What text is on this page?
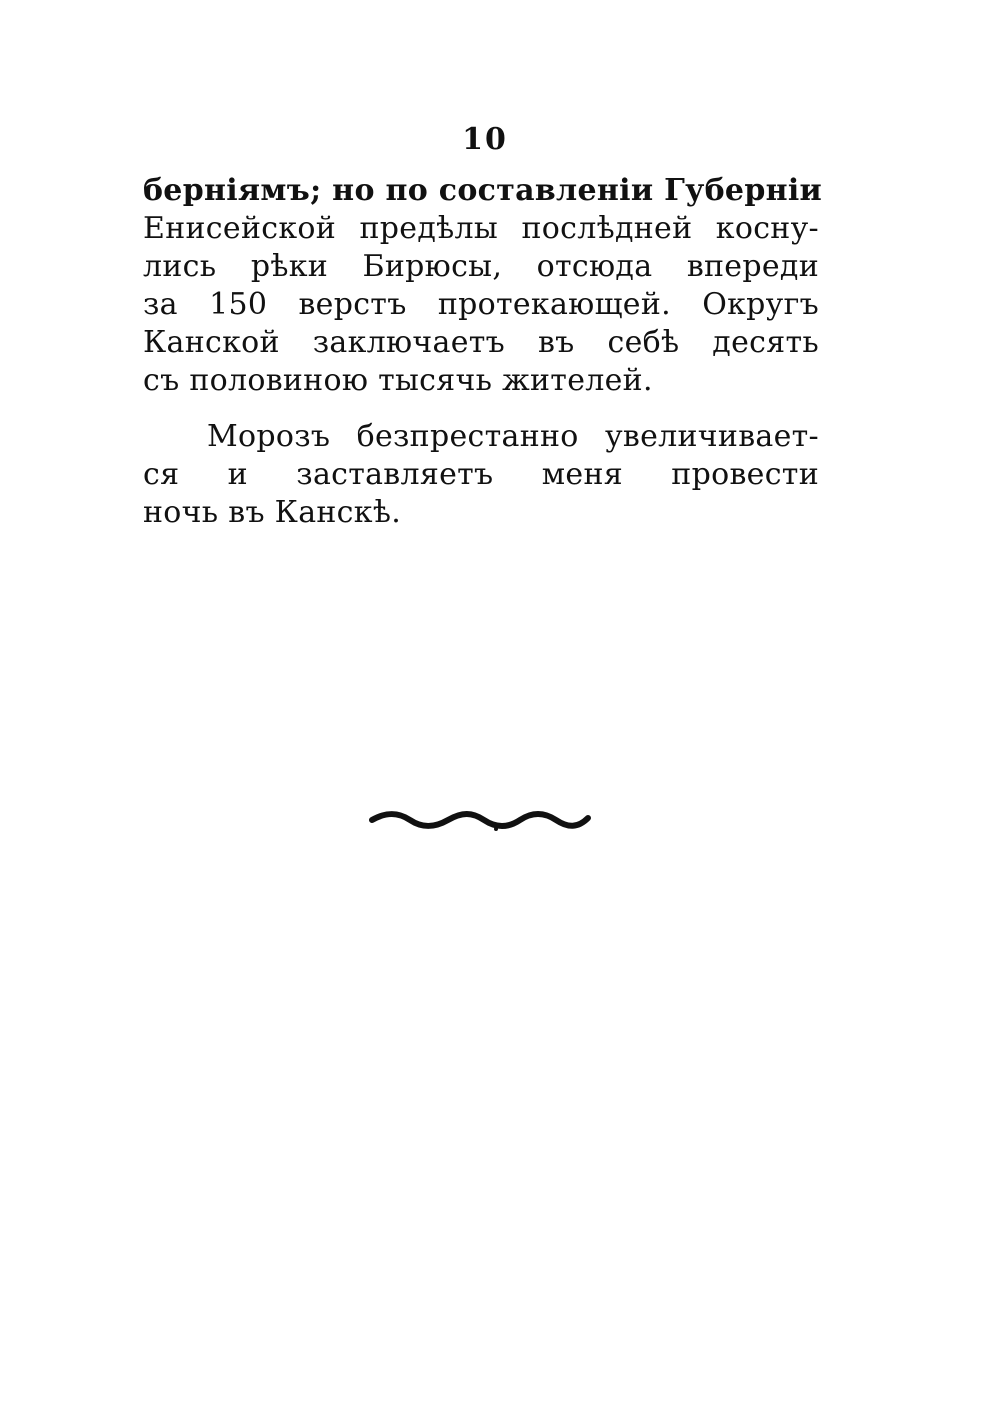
10
берніямъ; но по составленіи Губерніи
Енисейской предѣлы послѣдней косну-
лись рѣки Бирюсы, отсюда впереди
за 150 верстъ протекающей. Округъ
Канской заключаетъ въ себѣ десять
съ половиною тысячь жителей.
Морозъ безпрестанно увеличивает-
ся и заставляетъ меня провести
ночь въ Канскѣ.
